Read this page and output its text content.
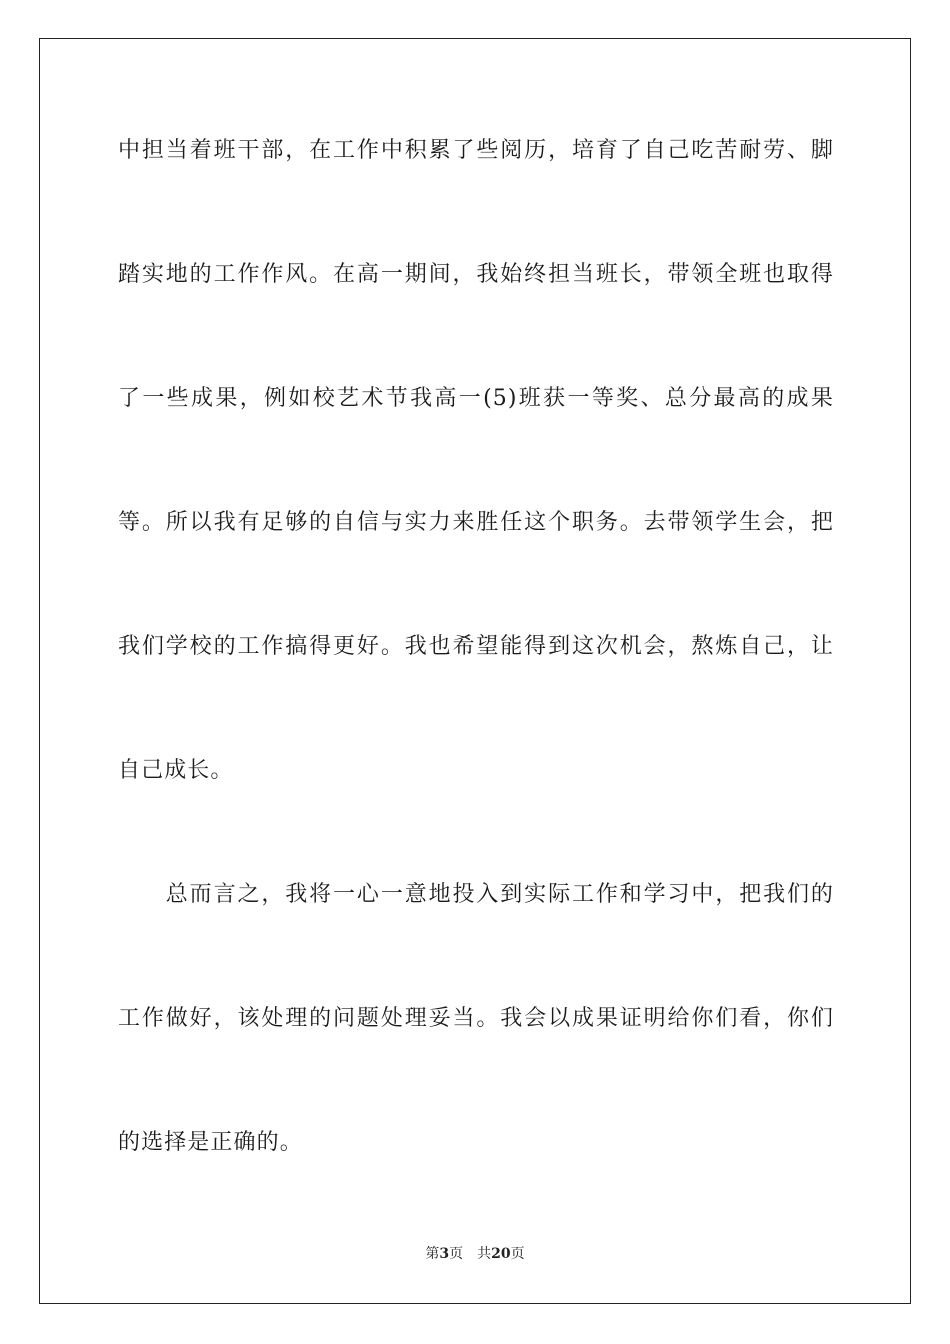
中担当着班干部，在工作中积累了些阅历，培育了自己吃苦耐劳、脚
踏实地的工作作风。在高一期间，我始终担当班长，带领全班也取得
了一些成果，例如校艺术节我高一(5)班获一等奖、总分最高的成果
等。所以我有足够的自信与实力来胜任这个职务。去带领学生会，把
我们学校的工作搞得更好。我也希望能得到这次机会，熬炼自己，让
自己成长。
　　总而言之，我将一心一意地投入到实际工作和学习中，把我们的
工作做好，该处理的问题处理妥当。我会以成果证明给你们看，你们
的选择是正确的。
第3页 共20页
